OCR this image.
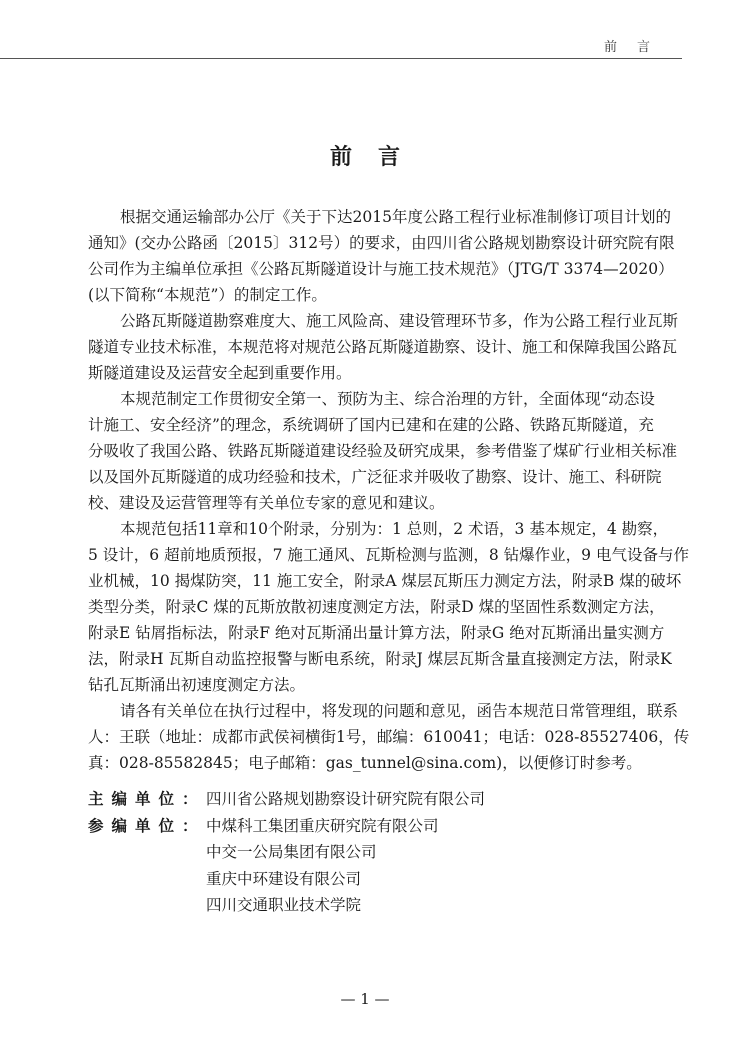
前言
前言
根据交通运输部办公厅《关于下达2015年度公路工程行业标准制修订项目计划的
通知》(交办公路函〔2015〕312号）的要求，由四川省公路规划勘察设计研究院有限
公司作为主编单位承担《公路瓦斯隧道设计与施工技术规范》（JTG/T 3374—2020）
(以下简称“本规范”）的制定工作。
公路瓦斯隧道勘察难度大、施工风险高、建设管理环节多，作为公路工程行业瓦斯
隧道专业技术标准，本规范将对规范公路瓦斯隧道勘察、设计、施工和保障我国公路瓦
斯隧道建设及运营安全起到重要作用。
本规范制定工作贯彻安全第一、预防为主、综合治理的方针，全面体现“动态设
计施工、安全经济”的理念，系统调研了国内已建和在建的公路、铁路瓦斯隧道，充
分吸收了我国公路、铁路瓦斯隧道建设经验及研究成果，参考借鉴了煤矿行业相关标准
以及国外瓦斯隧道的成功经验和技术，广泛征求并吸收了勘察、设计、施工、科研院
校、建设及运营管理等有关单位专家的意见和建议。
本规范包括11章和10个附录，分别为：1 总则，2 术语，3 基本规定，4 勘察，
5 设计，6 超前地质预报，7 施工通风、瓦斯检测与监测，8 钻爆作业，9 电气设备与作
业机械，10 揭煤防突，11 施工安全，附录A 煤层瓦斯压力测定方法，附录B 煤的破坏
类型分类，附录C 煤的瓦斯放散初速度测定方法，附录D 煤的坚固性系数测定方法，
附录E 钻屑指标法，附录F 绝对瓦斯涌出量计算方法，附录G 绝对瓦斯涌出量实测方
法，附录H 瓦斯自动监控报警与断电系统，附录J 煤层瓦斯含量直接测定方法，附录K
钻孔瓦斯涌出初速度测定方法。
请各有关单位在执行过程中，将发现的问题和意见，函告本规范日常管理组，联系
人：王联（地址：成都市武侯祠横街1号，邮编：610041；电话：028-85527406，传
真：028-85582845；电子邮箱：gas_tunnel@sina.com)，以便修订时参考。
主编单位： 四川省公路规划勘察设计研究院有限公司
参编单位： 中煤科工集团重庆研究院有限公司
中交一公局集团有限公司
重庆中环建设有限公司
四川交通职业技术学院
— 1 —
